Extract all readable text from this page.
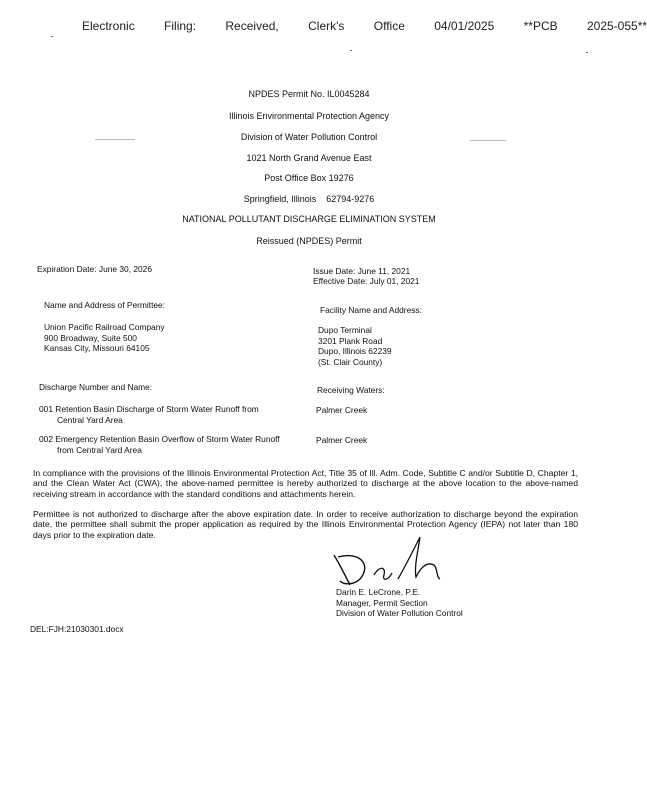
Electronic Filing: Received, Clerk's Office 04/01/2025 **PCB 2025-055**
NPDES Permit No. IL0045284
Illinois Environmental Protection Agency
Division of Water Pollution Control
1021 North Grand Avenue East
Post Office Box 19276
Springfield, Illinois 62794-9276
NATIONAL POLLUTANT DISCHARGE ELIMINATION SYSTEM
Reissued (NPDES) Permit
Expiration Date: June 30, 2026	Issue Date: June 11, 2021
Effective Date: July 01, 2021
Name and Address of Permittee:
Union Pacific Railroad Company
900 Broadway, Suite 500
Kansas City, Missouri 64105
Facility Name and Address:
Dupo Terminal
3201 Plank Road
Dupo, Illinois 62239
(St. Clair County)
Discharge Number and Name:
001 Retention Basin Discharge of Storm Water Runoff from
Central Yard Area
002 Emergency Retention Basin Overflow of Storm Water Runoff
from Central Yard Area
Receiving Waters:
Palmer Creek
Palmer Creek
In compliance with the provisions of the Illinois Environmental Protection Act, Title 35 of Ill. Adm. Code, Subtitle C and/or Subtitle D, Chapter 1, and the Clean Water Act (CWA), the above-named permittee is hereby authorized to discharge at the above location to the above-named receiving stream in accordance with the standard conditions and attachments herein.
Permittee is not authorized to discharge after the above expiration date. In order to receive authorization to discharge beyond the expiration date, the permittee shall submit the proper application as required by the Illinois Environmental Protection Agency (IEPA) not later than 180 days prior to the expiration date.
Darin E. LeCrone, P.E.
Manager, Permit Section
Division of Water Pollution Control
DEL:FJH:21030301.docx
